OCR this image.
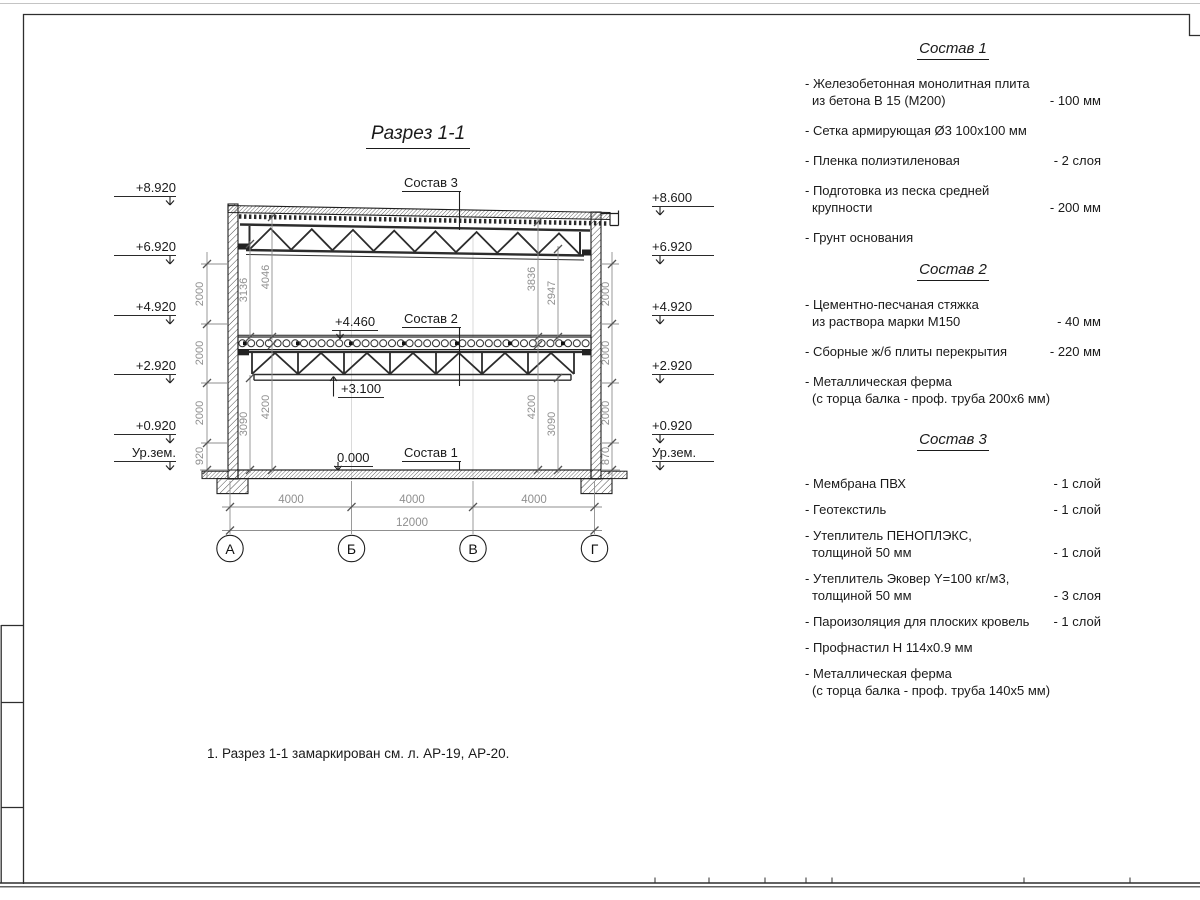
Разрез 1-1
1. Разрез 1-1 замаркирован см. л. АР-19, АР-20.
Состав 3
Состав 2
Состав 1
+4.460
+3.100
0.000
+8.920
+6.920
+4.920
+2.920
+0.920
Ур.зем.
+8.600
+6.920
+4.920
+2.920
+0.920
Ур.зем.
2000
2000
2000
920
2000
2000
2000
870
3136
4046
3090
4200
3836
2947
4200
3090
4000	4000	4000
12000
А	Б	В	Г
Состав 1
- Железобетонная монолитная плита
из бетона В 15 (М200)	- 100 мм
- Сетка армирующая Ø3 100х100 мм
- Пленка полиэтиленовая	- 2 слоя
- Подготовка из песка средней
крупности	- 200 мм
- Грунт основания
Состав 2
- Цементно-песчаная стяжка
из раствора марки М150	- 40 мм
- Сборные ж/б плиты перекрытия	- 220 мм
- Металлическая ферма
(с торца балка - проф. труба 200х6 мм)
Состав 3
- Мембрана ПВХ	- 1 слой
- Геотекстиль	- 1 слой
- Утеплитель ПЕНОПЛЭКС,
толщиной 50 мм	- 1 слой
- Утеплитель Эковер Y=100 кг/м3,
толщиной 50 мм	- 3 слоя
- Пароизоляция для плоских кровель	- 1 слой
- Профнастил Н 114х0.9 мм
- Металлическая ферма
(с торца балка - проф. труба 140х5 мм)
